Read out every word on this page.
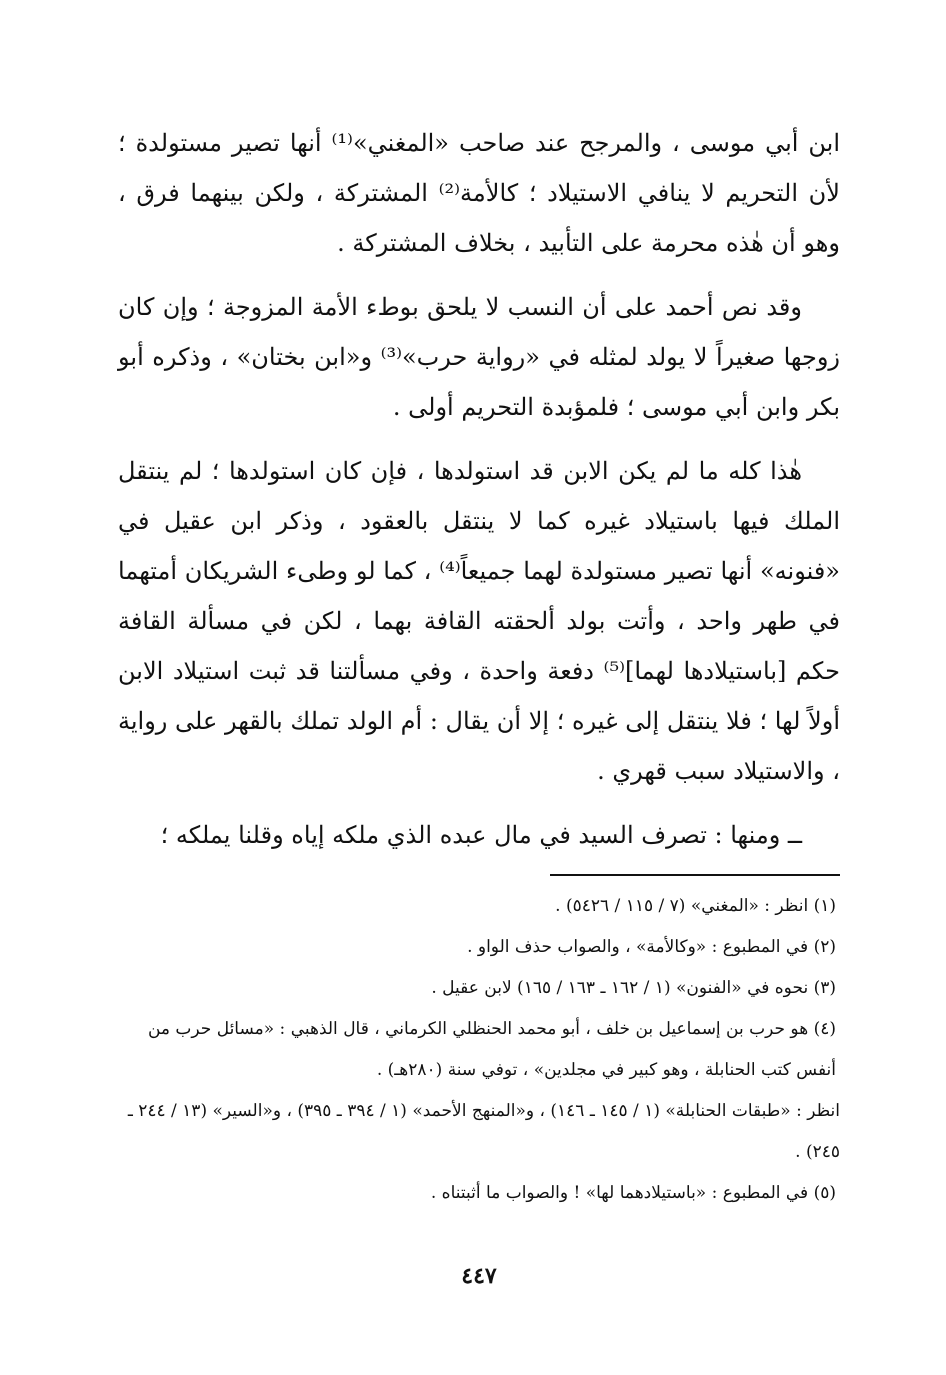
ابن أبي موسى ، والمرجح عند صاحب «المغني»⁽¹⁾ أنها تصير مستولدة ؛ لأن التحريم لا ينافي الاستيلاد ؛ كالأمة⁽²⁾ المشتركة ، ولكن بينهما فرق ، وهو أن هٰذه محرمة على التأبيد ، بخلاف المشتركة .

وقد نص أحمد على أن النسب لا يلحق بوطء الأمة المزوجة ؛ وإن كان زوجها صغيراً لا يولد لمثله في «رواية حرب»⁽³⁾ و«ابن بختان» ، وذكره أبو بكر وابن أبي موسى ؛ فلمؤبدة التحريم أولى .

هٰذا كله ما لم يكن الابن قد استولدها ، فإن كان استولدها ؛ لم ينتقل الملك فيها باستيلاد غيره كما لا ينتقل بالعقود ، وذكر ابن عقيل في «فنونه» أنها تصير مستولدة لهما جميعاً⁽⁴⁾ ، كما لو وطىء الشريكان أمتهما في طهر واحد ، وأتت بولد ألحقته القافة بهما ، لكن في مسألة القافة حكم [باستيلادها لهما]⁽⁵⁾ دفعة واحدة ، وفي مسألتنا قد ثبت استيلاد الابن أولاً لها ؛ فلا ينتقل إلى غيره ؛ إلا أن يقال : أم الولد تملك بالقهر على رواية ، والاستيلاد سبب قهري .

ــ ومنها : تصرف السيد في مال عبده الذي ملكه إياه وقلنا يملكه ؛

(١) انظر : «المغني» (٧ / ١١٥ / ٥٤٢٦) .

(٢) في المطبوع : «وكالأمة» ، والصواب حذف الواو .

(٣) نحوه في «الفنون» (١ / ١٦٢ ـ ١٦٣ / ١٦٥) لابن عقيل .

(٤) هو حرب بن إسماعيل بن خلف ، أبو محمد الحنظلي الكرماني ، قال الذهبي : «مسائل حرب من أنفس كتب الحنابلة ، وهو كبير في مجلدين» ، توفي سنة (٢٨٠هـ) .

انظر : «طبقات الحنابلة» (١ / ١٤٥ ـ ١٤٦) ، و«المنهج الأحمد» (١ / ٣٩٤ ـ ٣٩٥) ، و«السير» (١٣ / ٢٤٤ ـ ٢٤٥) .

(٥) في المطبوع : «باستيلادهما لها» ! والصواب ما أثبتناه .

٤٤٧
